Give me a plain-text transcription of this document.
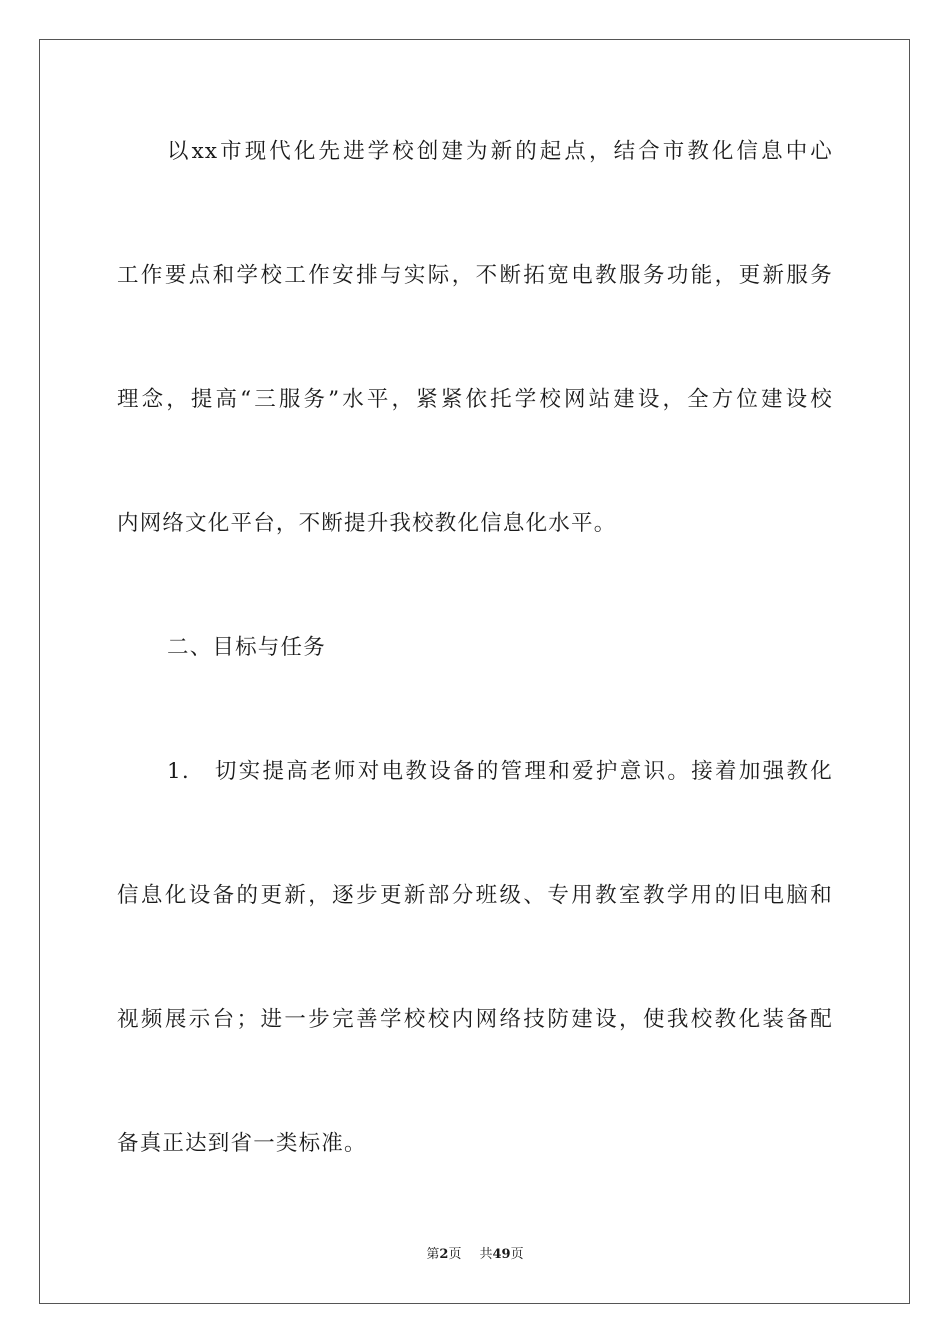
以xx市现代化先进学校创建为新的起点，结合市教化信息中心
工作要点和学校工作安排与实际，不断拓宽电教服务功能，更新服务
理念，提高“三服务”水平，紧紧依托学校网站建设，全方位建设校
内网络文化平台，不断提升我校教化信息化水平。
二、目标与任务
1.　切实提高老师对电教设备的管理和爱护意识。接着加强教化
信息化设备的更新，逐步更新部分班级、专用教室教学用的旧电脑和
视频展示台；进一步完善学校校内网络技防建设，使我校教化装备配
备真正达到省一类标准。
第2页 共49页
